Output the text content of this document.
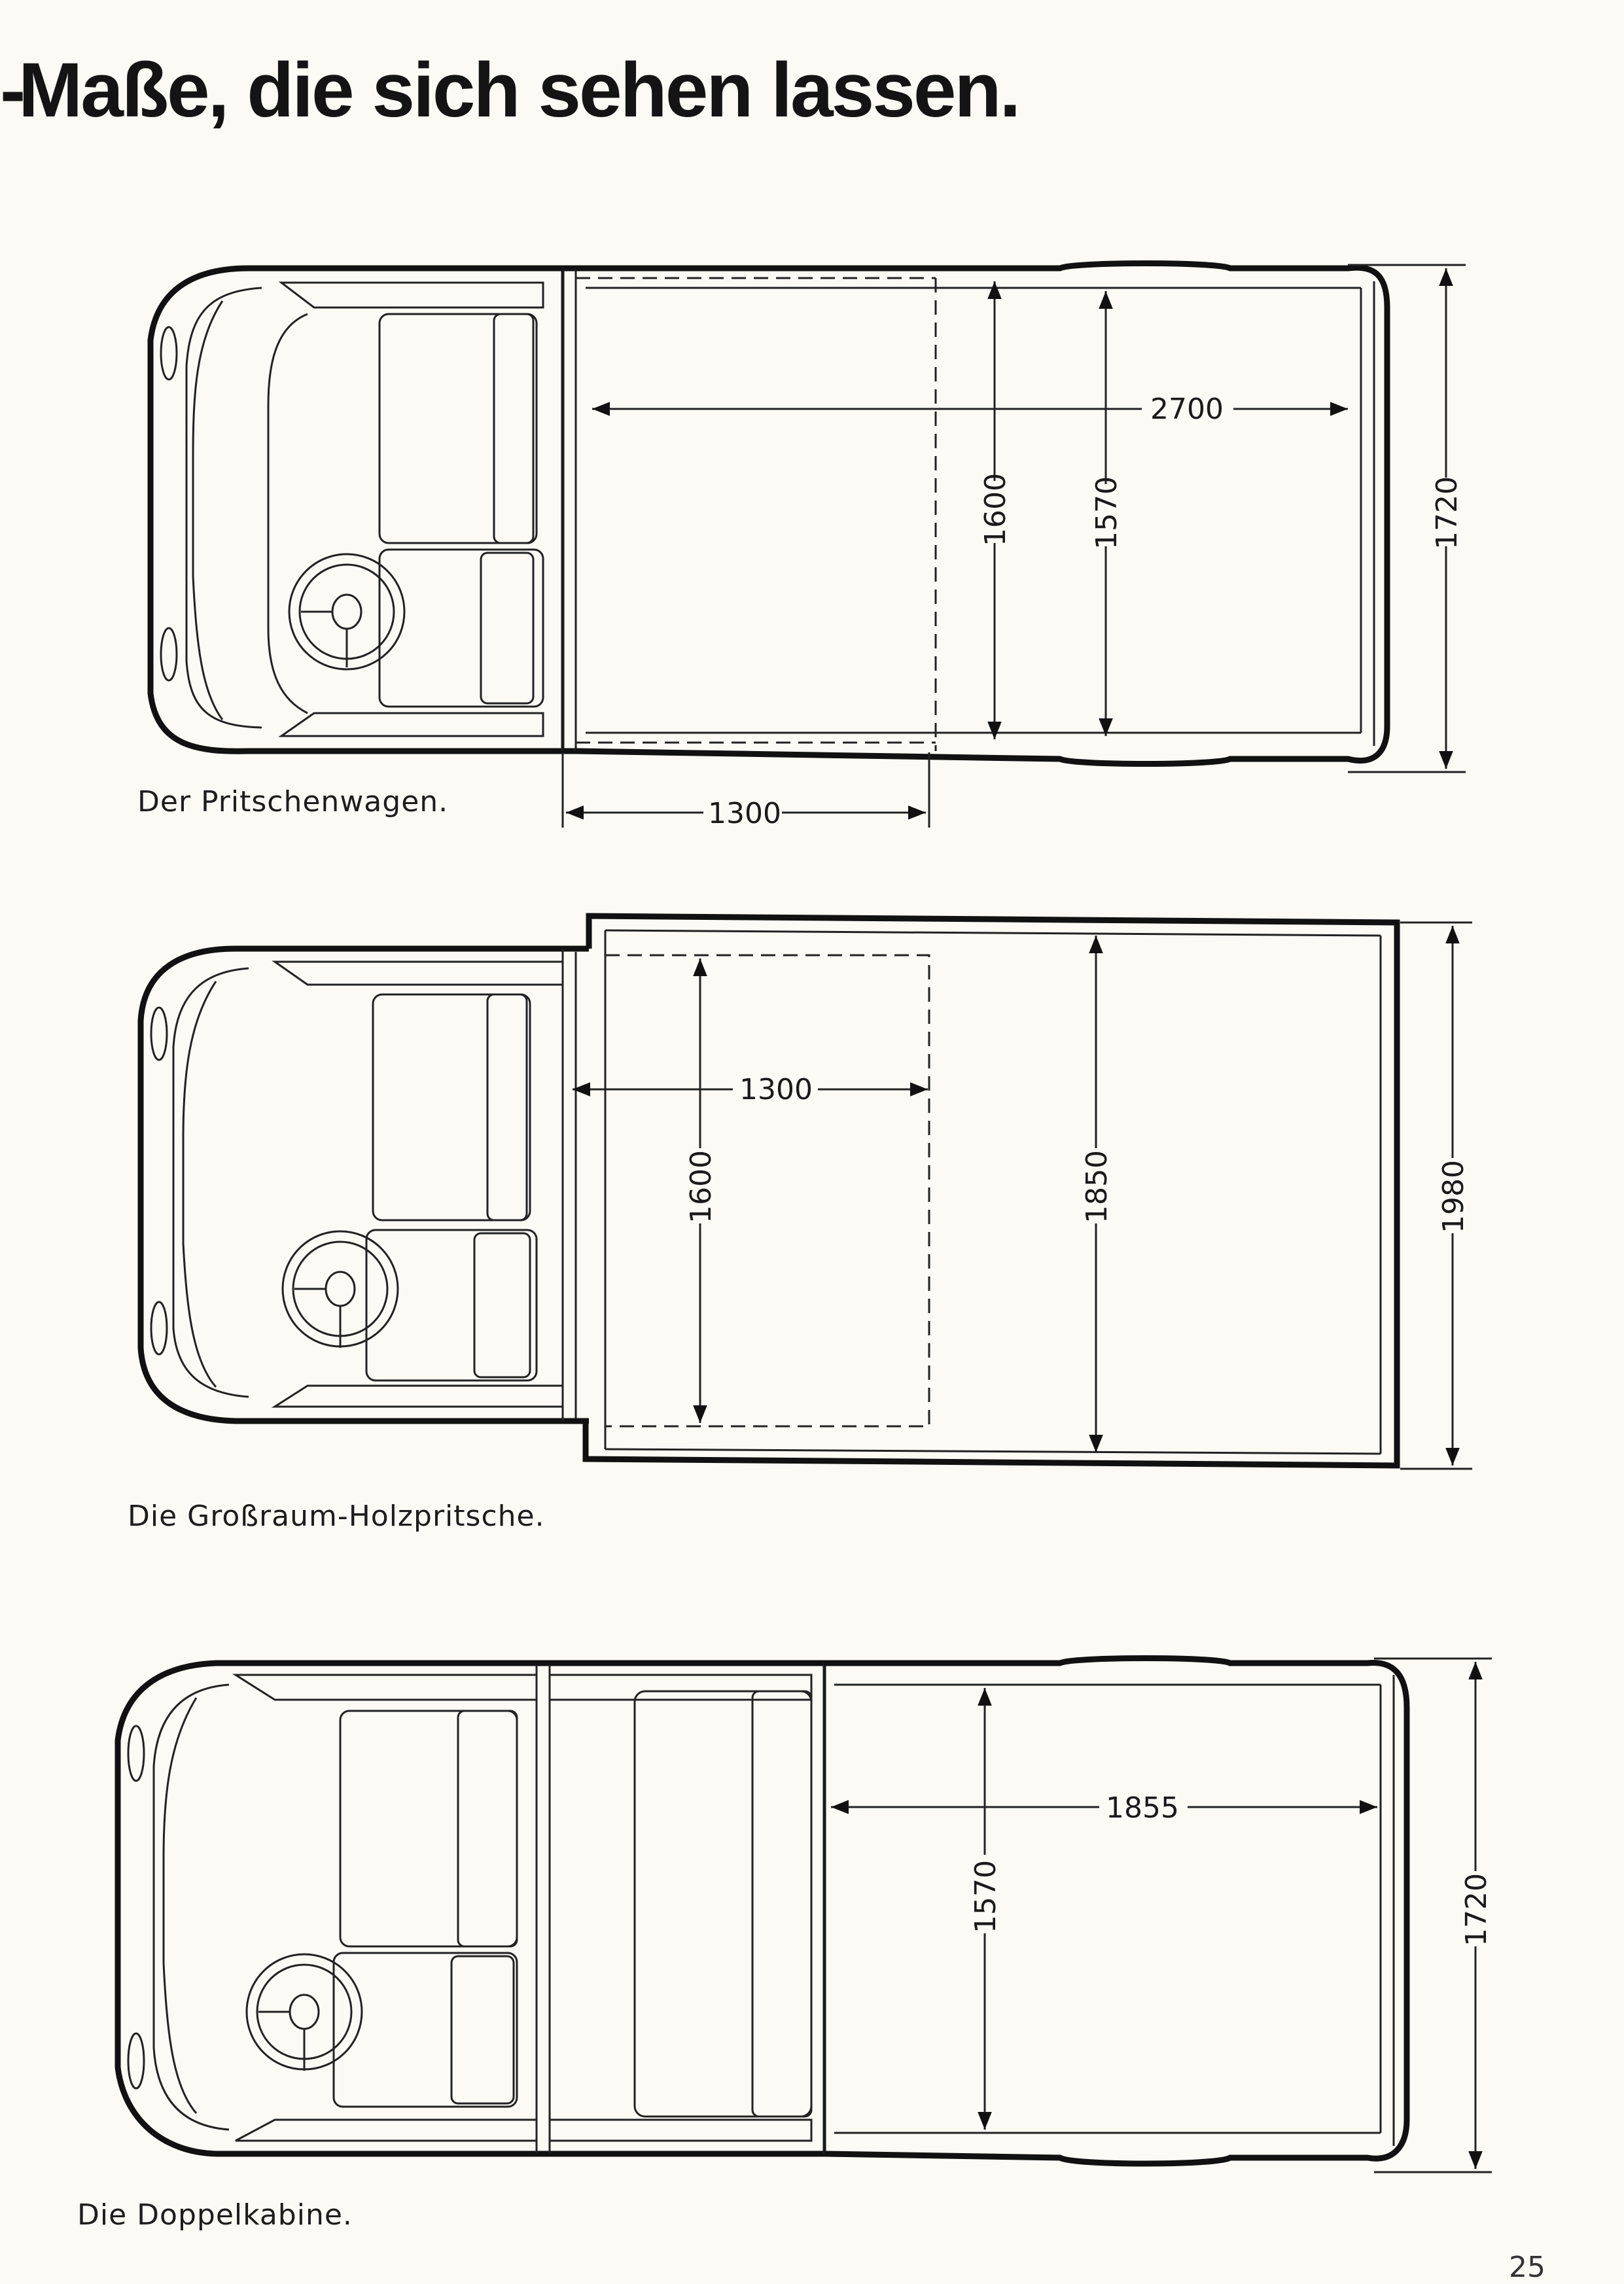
-Maße, die sich sehen lassen.
2700
1600	1570	1720
1300
1300
1600	1850	1980
1855
1570	1720
Der Pritschenwagen.
Die Großraum-Holzpritsche.
Die Doppelkabine.
25
